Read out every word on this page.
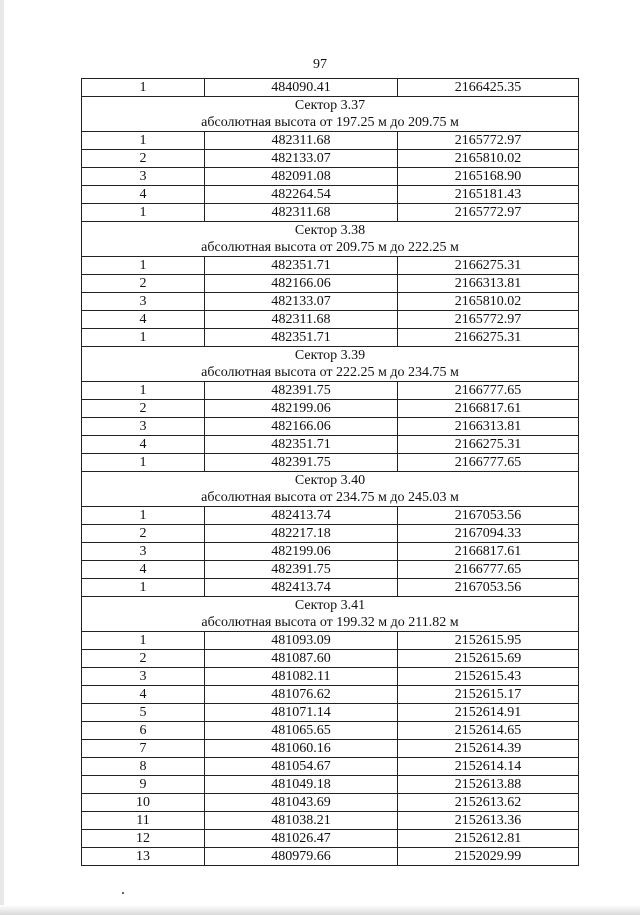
97
1	484090.41	2166425.35
Сектор 3.37		
абсолютная высота от 197.25 м до 209.75 м		
1	482311.68	2165772.97
2	482133.07	2165810.02
3	482091.08	2165168.90
4	482264.54	2165181.43
1	482311.68	2165772.97
Сектор 3.38		
абсолютная высота от 209.75 м до 222.25 м		
1	482351.71	2166275.31
2	482166.06	2166313.81
3	482133.07	2165810.02
4	482311.68	2165772.97
1	482351.71	2166275.31
Сектор 3.39		
абсолютная высота от 222.25 м до 234.75 м		
1	482391.75	2166777.65
2	482199.06	2166817.61
3	482166.06	2166313.81
4	482351.71	2166275.31
1	482391.75	2166777.65
Сектор 3.40		
абсолютная высота от 234.75 м до 245.03 м		
1	482413.74	2167053.56
2	482217.18	2167094.33
3	482199.06	2166817.61
4	482391.75	2166777.65
1	482413.74	2167053.56
Сектор 3.41		
абсолютная высота от 199.32 м до 211.82 м		
1	481093.09	2152615.95
2	481087.60	2152615.69
3	481082.11	2152615.43
4	481076.62	2152615.17
5	481071.14	2152614.91
6	481065.65	2152614.65
7	481060.16	2152614.39
8	481054.67	2152614.14
9	481049.18	2152613.88
10	481043.69	2152613.62
11	481038.21	2152613.36
12	481026.47	2152612.81
13	480979.66	2152029.99
